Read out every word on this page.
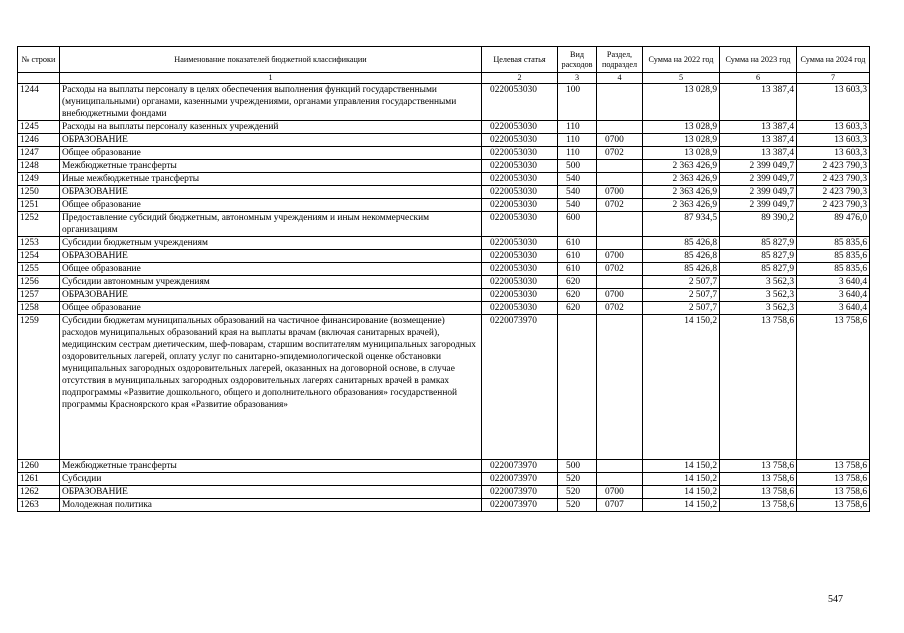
№ строки	Наименование показателей бюджетной классификации	Целевая статья	Вид расходов	Раздел, подраздел	Сумма на 2022 год	Сумма на 2023 год	Сумма на 2024 год
	1	2	3	4	5	6	7
1244	Расходы на выплаты персоналу в целях обеспечения выполнения функций государственными (муниципальными) органами, казенными учреждениями, органами управления государственными внебюджетными фондами	0220053030	100		13 028,9	13 387,4	13 603,3
1245	Расходы на выплаты персоналу казенных учреждений	0220053030	110		13 028,9	13 387,4	13 603,3
1246	ОБРАЗОВАНИЕ	0220053030	110	0700	13 028,9	13 387,4	13 603,3
1247	Общее образование	0220053030	110	0702	13 028,9	13 387,4	13 603,3
1248	Межбюджетные трансферты	0220053030	500		2 363 426,9	2 399 049,7	2 423 790,3
1249	Иные межбюджетные трансферты	0220053030	540		2 363 426,9	2 399 049,7	2 423 790,3
1250	ОБРАЗОВАНИЕ	0220053030	540	0700	2 363 426,9	2 399 049,7	2 423 790,3
1251	Общее образование	0220053030	540	0702	2 363 426,9	2 399 049,7	2 423 790,3
1252	Предоставление субсидий бюджетным, автономным учреждениям и иным некоммерческим организациям	0220053030	600		87 934,5	89 390,2	89 476,0
1253	Субсидии бюджетным учреждениям	0220053030	610		85 426,8	85 827,9	85 835,6
1254	ОБРАЗОВАНИЕ	0220053030	610	0700	85 426,8	85 827,9	85 835,6
1255	Общее образование	0220053030	610	0702	85 426,8	85 827,9	85 835,6
1256	Субсидии автономным учреждениям	0220053030	620		2 507,7	3 562,3	3 640,4
1257	ОБРАЗОВАНИЕ	0220053030	620	0700	2 507,7	3 562,3	3 640,4
1258	Общее образование	0220053030	620	0702	2 507,7	3 562,3	3 640,4
1259	Субсидии бюджетам муниципальных образований на частичное финансирование (возмещение) расходов муниципальных образований края на выплаты врачам (включая санитарных врачей), медицинским сестрам диетическим, шеф-поварам, старшим воспитателям муниципальных загородных оздоровительных лагерей, оплату услуг по санитарно-эпидемиологической оценке обстановки муниципальных загородных оздоровительных лагерей, оказанных на договорной основе, в случае отсутствия в муниципальных загородных оздоровительных лагерях санитарных врачей в рамках подпрограммы «Развитие дошкольного, общего и дополнительного образования» государственной программы Красноярского края «Развитие образования»	0220073970			14 150,2	13 758,6	13 758,6
1260	Межбюджетные трансферты	0220073970	500		14 150,2	13 758,6	13 758,6
1261	Субсидии	0220073970	520		14 150,2	13 758,6	13 758,6
1262	ОБРАЗОВАНИЕ	0220073970	520	0700	14 150,2	13 758,6	13 758,6
1263	Молодежная политика	0220073970	520	0707	14 150,2	13 758,6	13 758,6
547
